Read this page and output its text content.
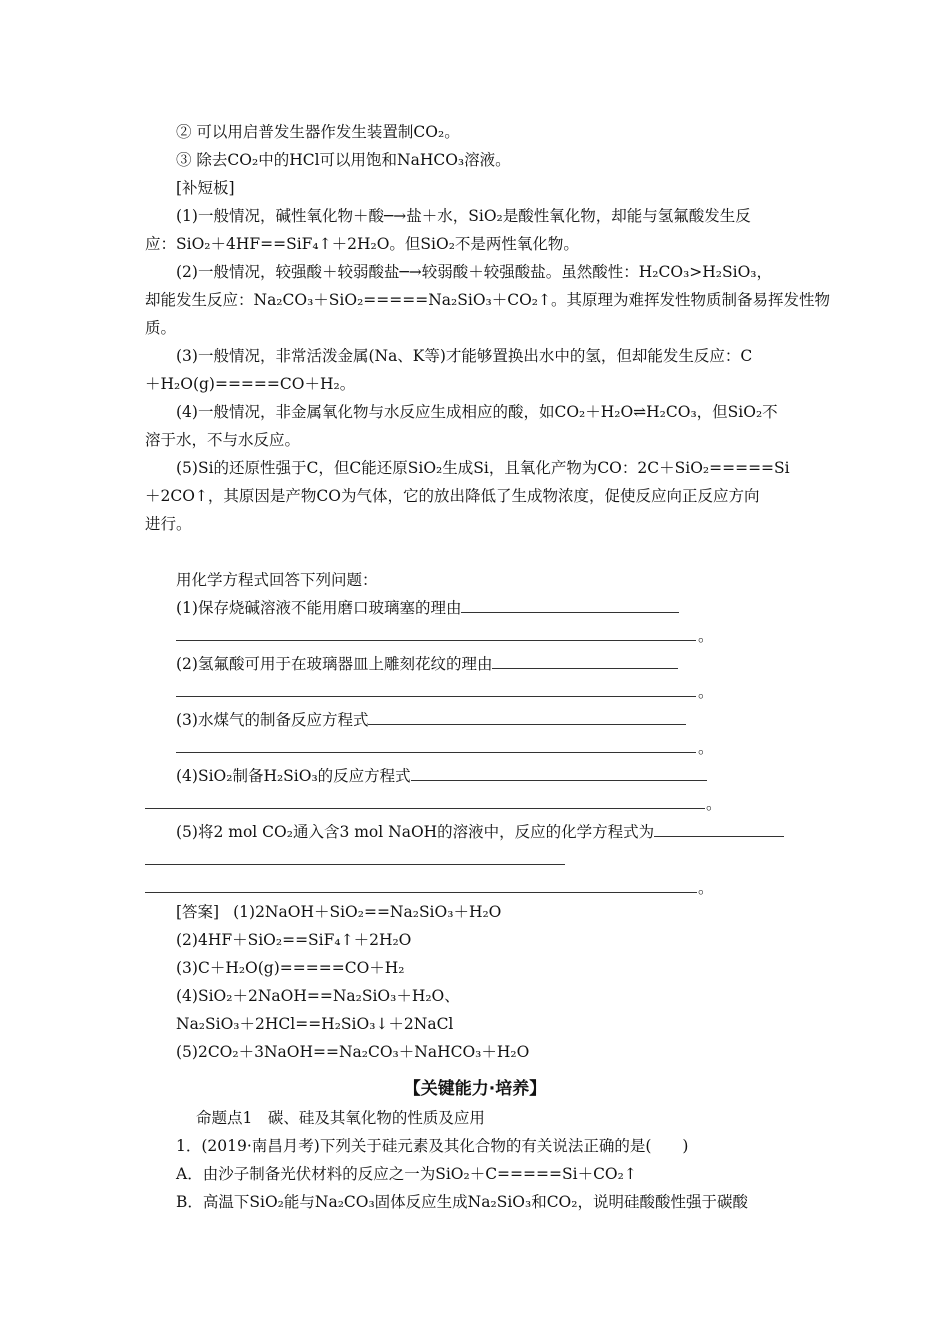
② 可以用启普发生器作发生装置制CO₂。
③ 除去CO₂中的HCl可以用饱和NaHCO₃溶液。
[补短板]
(1)一般情况，碱性氧化物＋酸─→盐＋水，SiO₂是酸性氧化物，却能与氢氟酸发生反
应：SiO₂＋4HF==SiF₄↑＋2H₂O。但SiO₂不是两性氧化物。
(2)一般情况，较强酸＋较弱酸盐─→较弱酸＋较强酸盐。虽然酸性：H₂CO₃>H₂SiO₃，
却能发生反应：Na₂CO₃＋SiO₂=====Na₂SiO₃＋CO₂↑。其原理为难挥发性物质制备易挥发性物
质。
(3)一般情况，非常活泼金属(Na、K等)才能够置换出水中的氢，但却能发生反应：C
＋H₂O(g)=====CO＋H₂。
(4)一般情况，非金属氧化物与水反应生成相应的酸，如CO₂＋H₂O⇌H₂CO₃，但SiO₂不
溶于水，不与水反应。
(5)Si的还原性强于C，但C能还原SiO₂生成Si，且氧化产物为CO：2C＋SiO₂=====Si
＋2CO↑，其原因是产物CO为气体，它的放出降低了生成物浓度，促使反应向正反应方向
进行。
用化学方程式回答下列问题：
(1)保存烧碱溶液不能用磨口玻璃塞的理由
。
(2)氢氟酸可用于在玻璃器皿上雕刻花纹的理由
。
(3)水煤气的制备反应方程式
。
(4)SiO₂制备H₂SiO₃的反应方程式
。
(5)将2 mol CO₂通入含3 mol NaOH的溶液中，反应的化学方程式为
。
[答案] (1)2NaOH＋SiO₂==Na₂SiO₃＋H₂O
(2)4HF＋SiO₂==SiF₄↑＋2H₂O
(3)C＋H₂O(g)=====CO＋H₂
(4)SiO₂＋2NaOH==Na₂SiO₃＋H₂O、
Na₂SiO₃＋2HCl==H₂SiO₃↓＋2NaCl
(5)2CO₂＋3NaOH==Na₂CO₃＋NaHCO₃＋H₂O
【关键能力·培养】
命题点1　碳、硅及其氧化物的性质及应用
1．(2019·南昌月考)下列关于硅元素及其化合物的有关说法正确的是(　　)
A．由沙子制备光伏材料的反应之一为SiO₂＋C=====Si＋CO₂↑
B．高温下SiO₂能与Na₂CO₃固体反应生成Na₂SiO₃和CO₂，说明硅酸酸性强于碳酸
